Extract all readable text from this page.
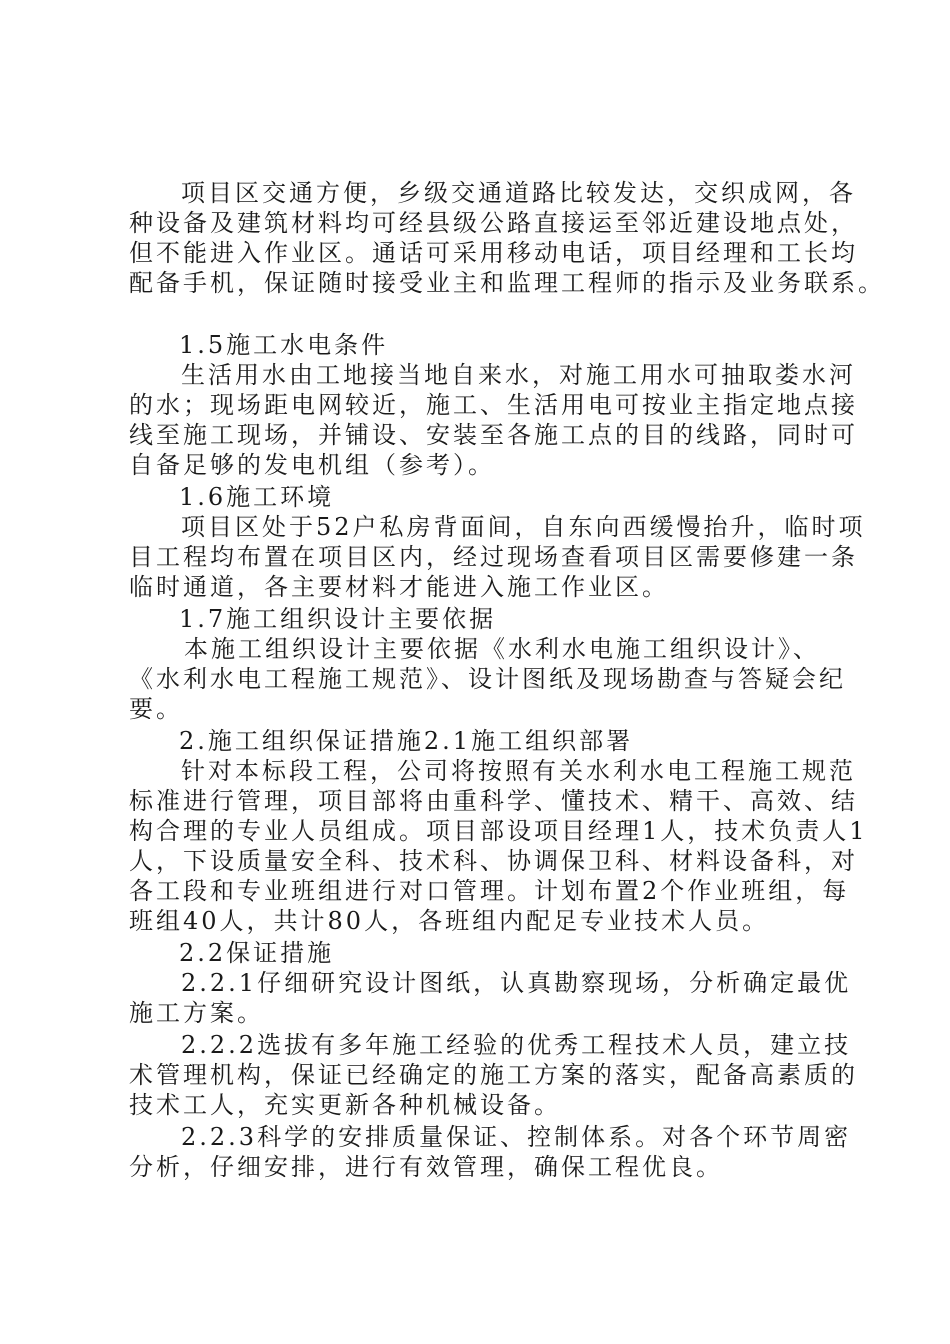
项目区交通方便，乡级交通道路比较发达，交织成网，各
种设备及建筑材料均可经县级公路直接运至邻近建设地点处，
但不能进入作业区。通话可采用移动电话，项目经理和工长均
配备手机，保证随时接受业主和监理工程师的指示及业务联系。
1.5施工水电条件
生活用水由工地接当地自来水，对施工用水可抽取娄水河
的水；现场距电网较近，施工、生活用电可按业主指定地点接
线至施工现场，并铺设、安装至各施工点的目的线路，同时可
自备足够的发电机组（参考）。
1.6施工环境
项目区处于52户私房背面间，自东向西缓慢抬升，临时项
目工程均布置在项目区内，经过现场查看项目区需要修建一条
临时通道，各主要材料才能进入施工作业区。
1.7施工组织设计主要依据
本施工组织设计主要依据《水利水电施工组织设计》、
《水利水电工程施工规范》、设计图纸及现场勘查与答疑会纪
要。
2.施工组织保证措施2.1施工组织部署
针对本标段工程，公司将按照有关水利水电工程施工规范
标准进行管理，项目部将由重科学、懂技术、精干、高效、结
构合理的专业人员组成。项目部设项目经理1人，技术负责人1
人，下设质量安全科、技术科、协调保卫科、材料设备科，对
各工段和专业班组进行对口管理。计划布置2个作业班组，每
班组40人，共计80人，各班组内配足专业技术人员。
2.2保证措施
2.2.1仔细研究设计图纸，认真勘察现场，分析确定最优
施工方案。
2.2.2选拔有多年施工经验的优秀工程技术人员，建立技
术管理机构，保证已经确定的施工方案的落实，配备高素质的
技术工人，充实更新各种机械设备。
2.2.3科学的安排质量保证、控制体系。对各个环节周密
分析，仔细安排，进行有效管理，确保工程优良。
